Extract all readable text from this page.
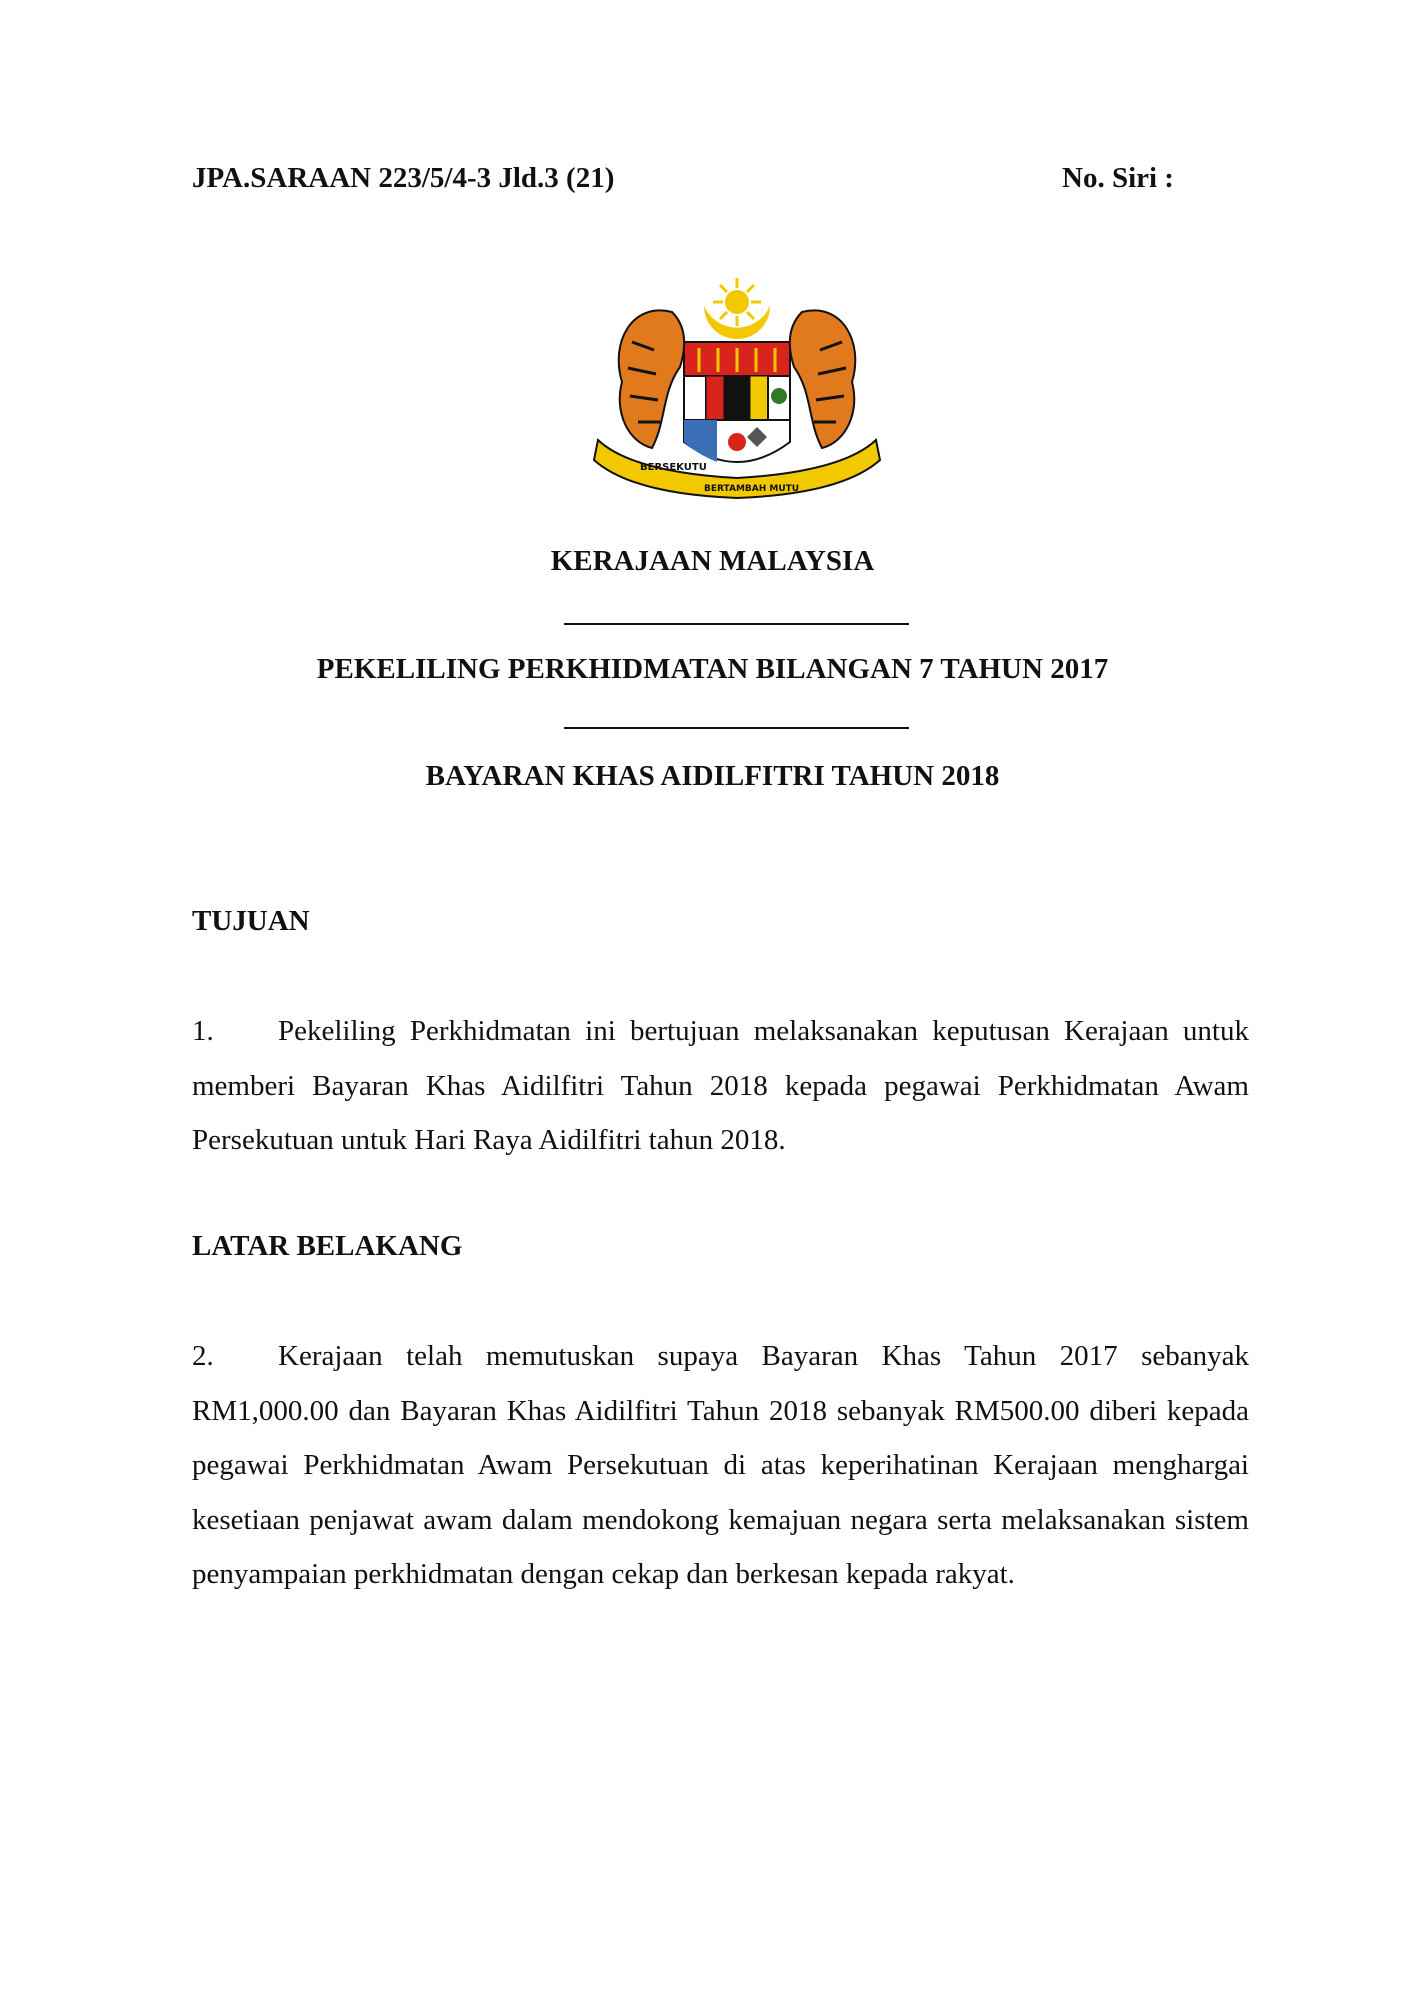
JPA.SARAAN 223/5/4-3 Jld.3 (21)	No. Siri :
BERSEKUTU
BERTAMBAH MUTU
KERAJAAN MALAYSIA
PEKELILING PERKHIDMATAN BILANGAN 7 TAHUN 2017
BAYARAN KHAS AIDILFITRI TAHUN 2018
TUJUAN
1. Pekeliling Perkhidmatan ini bertujuan melaksanakan keputusan Kerajaan untuk memberi Bayaran Khas Aidilfitri Tahun 2018 kepada pegawai Perkhidmatan Awam Persekutuan untuk Hari Raya Aidilfitri tahun 2018.
LATAR BELAKANG
2. Kerajaan telah memutuskan supaya Bayaran Khas Tahun 2017 sebanyak RM1,000.00 dan Bayaran Khas Aidilfitri Tahun 2018 sebanyak RM500.00 diberi kepada pegawai Perkhidmatan Awam Persekutuan di atas keperihatinan Kerajaan menghargai kesetiaan penjawat awam dalam mendokong kemajuan negara serta melaksanakan sistem penyampaian perkhidmatan dengan cekap dan berkesan kepada rakyat.
